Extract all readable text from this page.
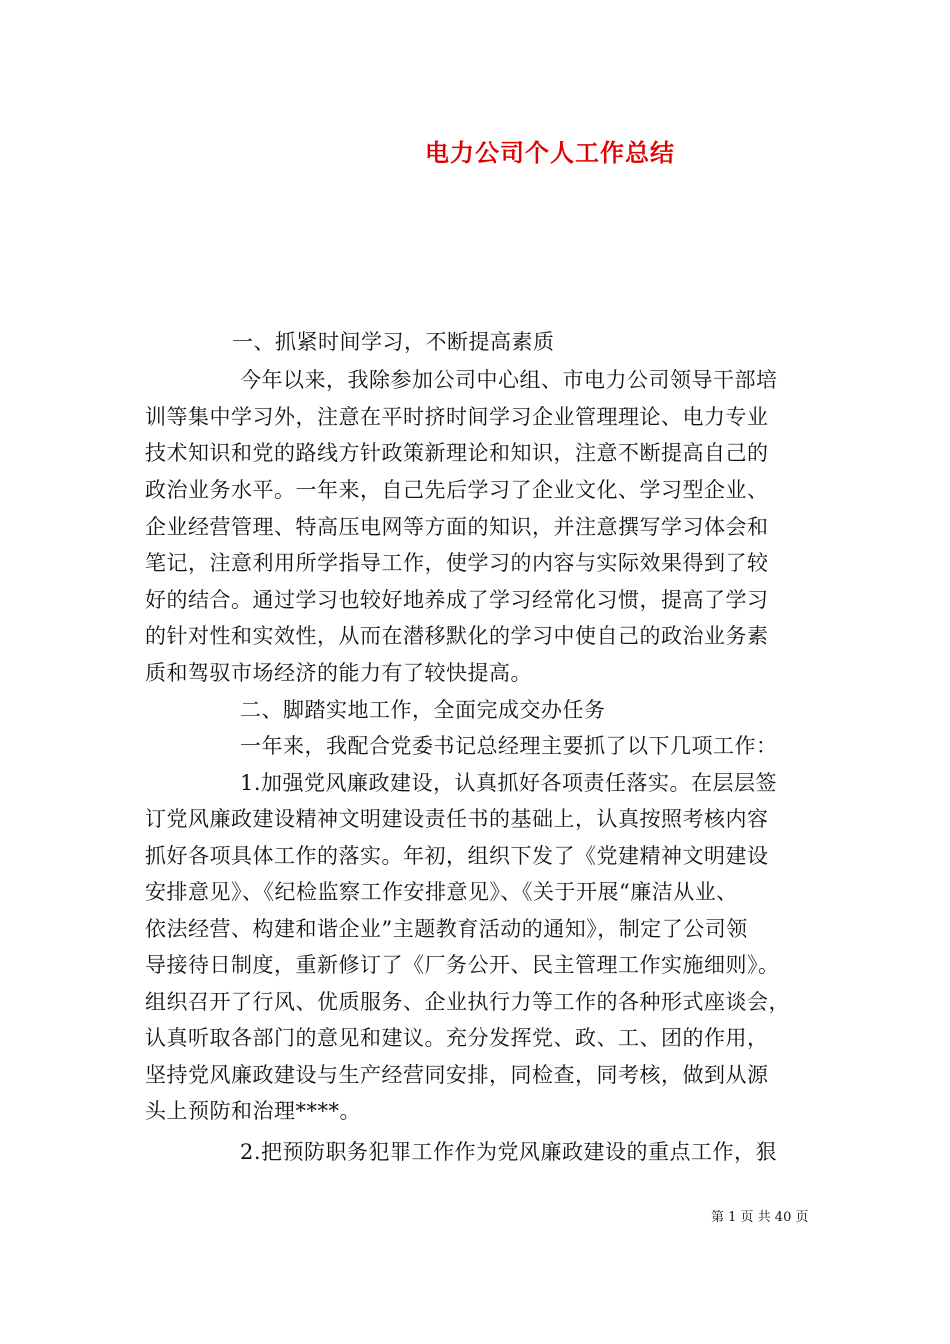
电力公司个人工作总结
一、抓紧时间学习，不断提高素质
今年以来，我除参加公司中心组、市电力公司领导干部培
训等集中学习外，注意在平时挤时间学习企业管理理论、电力专业
技术知识和党的路线方针政策新理论和知识，注意不断提高自己的
政治业务水平。一年来，自己先后学习了企业文化、学习型企业、
企业经营管理、特高压电网等方面的知识，并注意撰写学习体会和
笔记，注意利用所学指导工作，使学习的内容与实际效果得到了较
好的结合。通过学习也较好地养成了学习经常化习惯，提高了学习
的针对性和实效性，从而在潜移默化的学习中使自己的政治业务素
质和驾驭市场经济的能力有了较快提高。
二、脚踏实地工作，全面完成交办任务
一年来，我配合党委书记总经理主要抓了以下几项工作：
1.加强党风廉政建设，认真抓好各项责任落实。在层层签
订党风廉政建设精神文明建设责任书的基础上，认真按照考核内容
抓好各项具体工作的落实。年初，组织下发了《党建精神文明建设
安排意见》、《纪检监察工作安排意见》、《关于开展“廉洁从业、
依法经营、构建和谐企业”主题教育活动的通知》，制定了公司领
导接待日制度，重新修订了《厂务公开、民主管理工作实施细则》。
组织召开了行风、优质服务、企业执行力等工作的各种形式座谈会，
认真听取各部门的意见和建议。充分发挥党、政、工、团的作用，
坚持党风廉政建设与生产经营同安排，同检查，同考核，做到从源
头上预防和治理****。
2.把预防职务犯罪工作作为党风廉政建设的重点工作，狠
第 1 页 共 40 页
